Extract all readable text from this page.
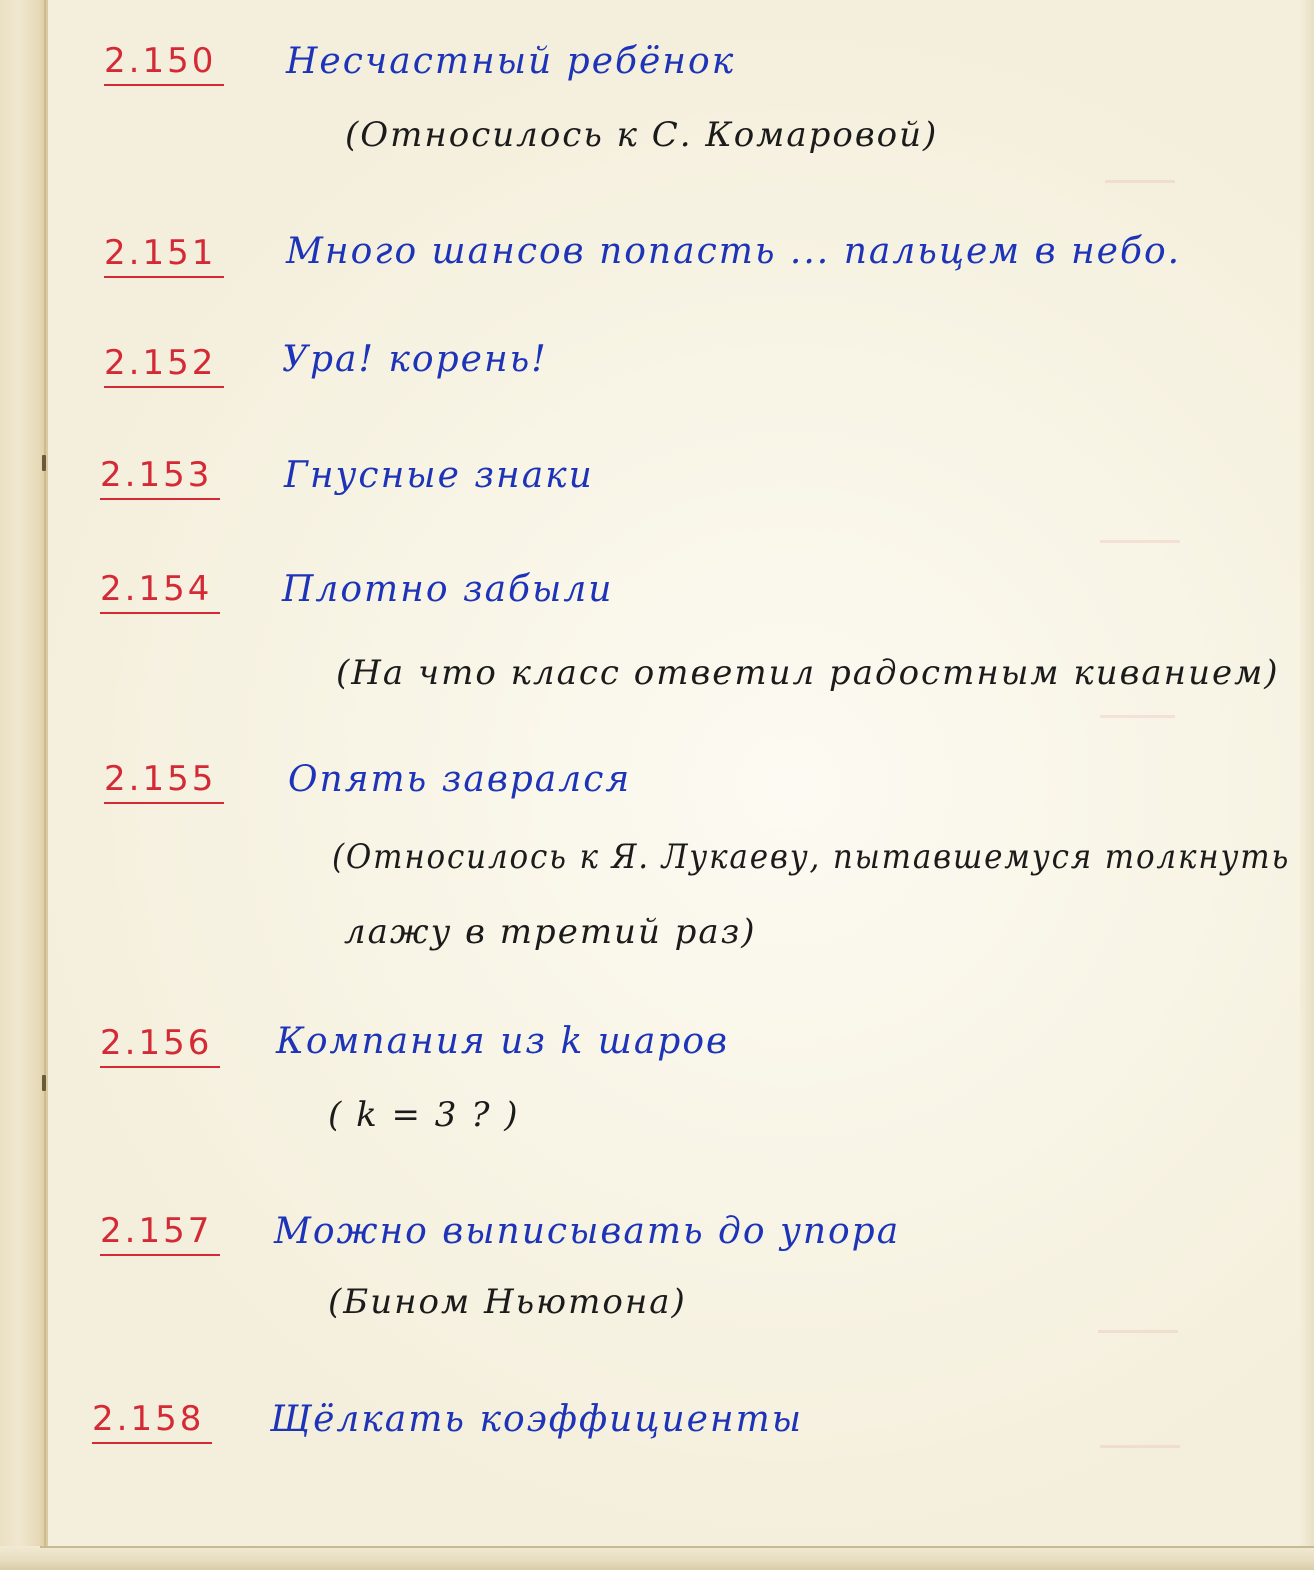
2.150 Несчастный ребёнок
(Относилось к С. Комаровой)
2.151 Много шансов попасть ... пальцем в небо.
2.152 Ура! корень!
2.153 Гнусные знаки
2.154 Плотно забыли
(На что класс ответил радостным киванием)
2.155 Опять заврался
(Относилось к Я. Лукаеву, пытавшемуся толкнуть
лажу в третий раз)
2.156 Компания из k шаров
( k = 3 ? )
2.157 Можно выписывать до упора
(Бином Ньютона)
2.158 Щёлкать коэффициенты
